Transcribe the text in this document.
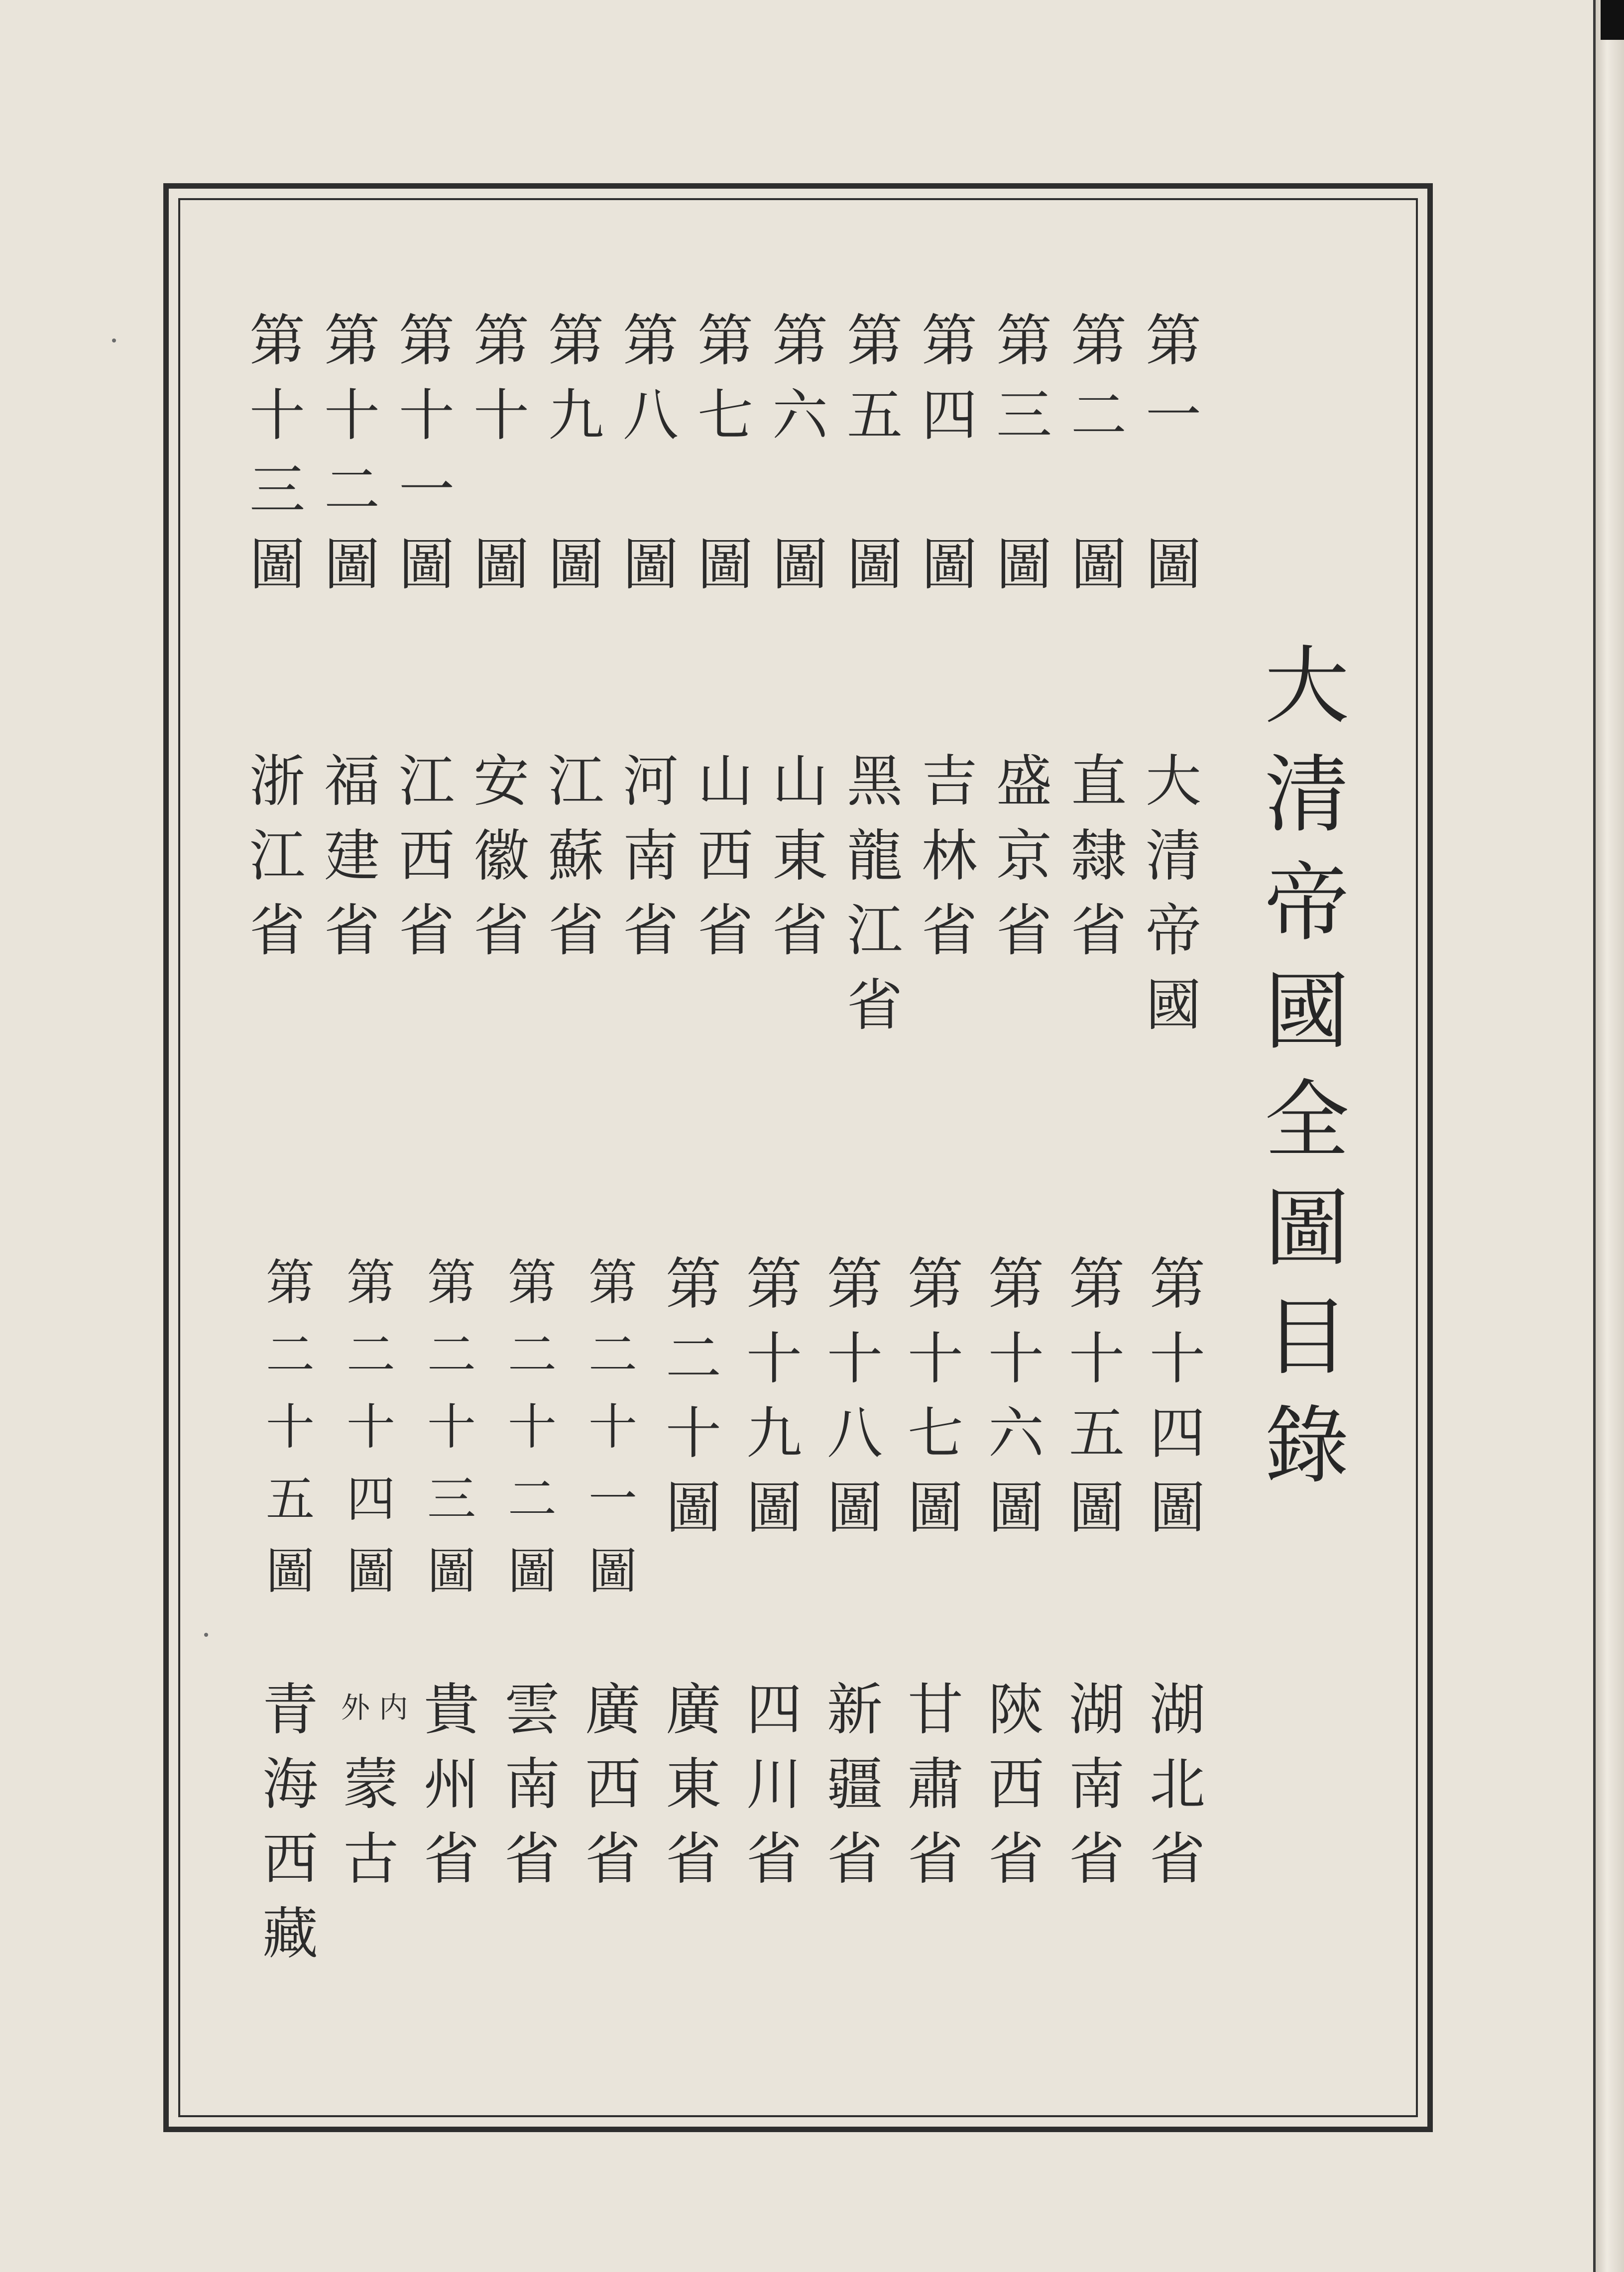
大
清
帝
國
全
圖
目
錄
第
一
圖
大
清
帝
國
第
二
圖
直
隸
省
第
三
圖
盛
京
省
第
四
圖
吉
林
省
第
五
圖
黑
龍
江
省
第
六
圖
山
東
省
第
七
圖
山
西
省
第
八
圖
河
南
省
第
九
圖
江
蘇
省
第
十
圖
安
徽
省
第
十
一
圖
江
西
省
第
十
二
圖
福
建
省
第
十
三
圖
浙
江
省
第
十
四
圖
湖
北
省
第
十
五
圖
湖
南
省
第
十
六
圖
陝
西
省
第
十
七
圖
甘
肅
省
第
十
八
圖
新
疆
省
第
十
九
圖
四
川
省
第
二
十
圖
廣
東
省
第
二
十
一
圖
廣
西
省
第
二
十
二
圖
雲
南
省
第
二
十
三
圖
貴
州
省
第
二
十
四
圖
外 内
蒙
古
第
二
十
五
圖
青
海
西
藏
